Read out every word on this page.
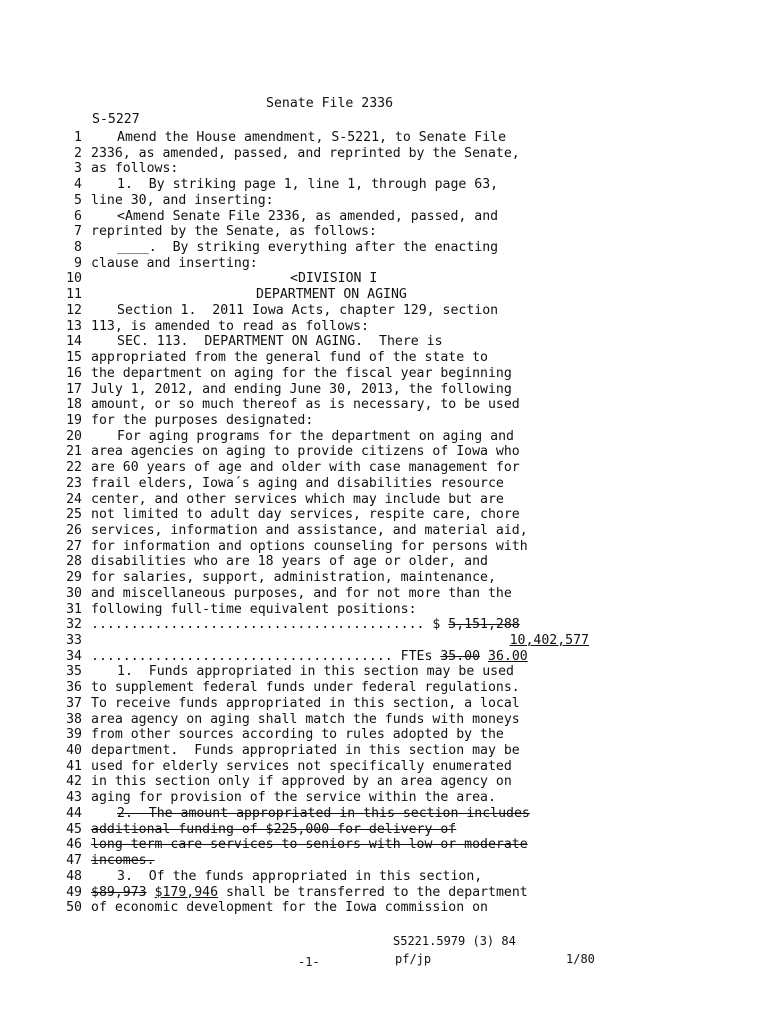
Senate File 2336
S-5227
1	Amend the House amendment, S-5221, to Senate File
2 2336, as amended, passed, and reprinted by the Senate,
3 as follows:
4	1.  By striking page 1, line 1, through page 63,
5 line 30, and inserting:
6	<Amend Senate File 2336, as amended, passed, and
7 reprinted by the Senate, as follows:
8	____.  By striking everything after the enacting
9 clause and inserting:
10	<DIVISION I
11	DEPARTMENT ON AGING
12	Section 1.  2011 Iowa Acts, chapter 129, section
13 113, is amended to read as follows:
14	SEC. 113.  DEPARTMENT ON AGING.  There is
15 appropriated from the general fund of the state to
16 the department on aging for the fiscal year beginning
17 July 1, 2012, and ending June 30, 2013, the following
18 amount, or so much thereof as is necessary, to be used
19 for the purposes designated:
20	For aging programs for the department on aging and
21 area agencies on aging to provide citizens of Iowa who
22 are 60 years of age and older with case management for
23 frail elders, Iowa´s aging and disabilities resource
24 center, and other services which may include but are
25 not limited to adult day services, respite care, chore
26 services, information and assistance, and material aid,
27 for information and options counseling for persons with
28 disabilities who are 18 years of age or older, and
29 for salaries, support, administration, maintenance,
30 and miscellaneous purposes, and for not more than the
31 following full-time equivalent positions:
32 .......................................... $ 5,151,288
33	10,402,577
34 ...................................... FTEs 35.00 36.00
35	1.  Funds appropriated in this section may be used
36 to supplement federal funds under federal regulations.
37 To receive funds appropriated in this section, a local
38 area agency on aging shall match the funds with moneys
39 from other sources according to rules adopted by the
40 department.  Funds appropriated in this section may be
41 used for elderly services not specifically enumerated
42 in this section only if approved by an area agency on
43 aging for provision of the service within the area.
44	2.  The amount appropriated in this section includes
45 additional funding of $225,000 for delivery of
46 long-term care services to seniors with low or moderate
47 incomes.
48	3.  Of the funds appropriated in this section,
49 $89,973 $179,946 shall be transferred to the department
50 of economic development for the Iowa commission on
S5221.5979 (3) 84
-1-	pf/jp	1/80
